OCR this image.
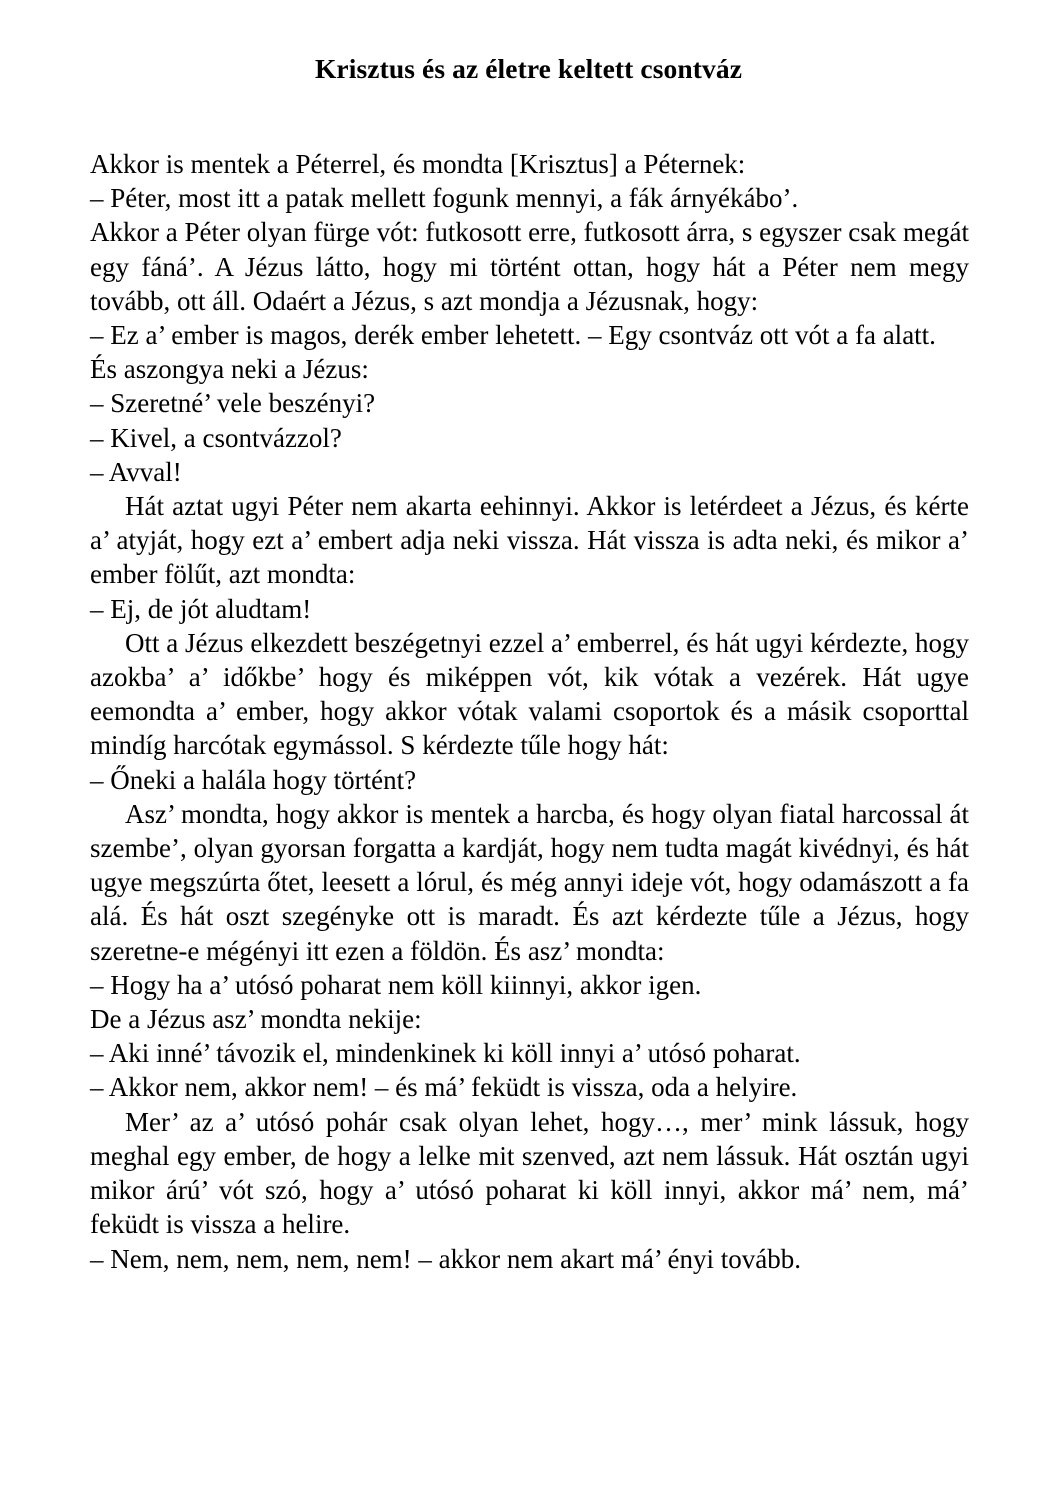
Krisztus és az életre keltett csontváz

Akkor is mentek a Péterrel, és mondta [Krisztus] a Péternek:

– Péter, most itt a patak mellett fogunk mennyi, a fák árnyékábo’.

Akkor a Péter olyan fürge vót: futkosott erre, futkosott árra, s egyszer csak megát egy fáná’. A Jézus látto, hogy mi történt ottan, hogy hát a Péter nem megy tovább, ott áll. Odaért a Jézus, s azt mondja a Jézusnak, hogy:

– Ez a’ ember is magos, derék ember lehetett. – Egy csontváz ott vót a fa alatt.

És aszongya neki a Jézus:

– Szeretné’ vele beszényi?

– Kivel, a csontvázzol?

– Avval!

Hát aztat ugyi Péter nem akarta eehinnyi. Akkor is letérdeet a Jézus, és kérte a’ atyját, hogy ezt a’ embert adja neki vissza. Hát vissza is adta neki, és mikor a’ ember fölűt, azt mondta:

– Ej, de jót aludtam!

Ott a Jézus elkezdett beszégetnyi ezzel a’ emberrel, és hát ugyi kérdezte, hogy azokba’ a’ időkbe’ hogy és miképpen vót, kik vótak a vezérek. Hát ugye eemondta a’ ember, hogy akkor vótak valami csoportok és a másik csoporttal mindíg harcótak egymássol. S kérdezte tűle hogy hát:

– Őneki a halála hogy történt?

Asz’ mondta, hogy akkor is mentek a harcba, és hogy olyan fiatal harcossal át szembe’, olyan gyorsan forgatta a kardját, hogy nem tudta magát kivédnyi, és hát ugye megszúrta őtet, leesett a lórul, és még annyi ideje vót, hogy odamászott a fa alá. És hát oszt szegényke ott is maradt. És azt kérdezte tűle a Jézus, hogy szeretne-e mégényi itt ezen a földön. És asz’ mondta:

– Hogy ha a’ utósó poharat nem köll kiinnyi, akkor igen.

De a Jézus asz’ mondta nekije:

– Aki inné’ távozik el, mindenkinek ki köll innyi a’ utósó poharat.

– Akkor nem, akkor nem! – és má’ feküdt is vissza, oda a helyire.

Mer’ az a’ utósó pohár csak olyan lehet, hogy…, mer’ mink lássuk, hogy meghal egy ember, de hogy a lelke mit szenved, azt nem lássuk. Hát osztán ugyi mikor árú’ vót szó, hogy a’ utósó poharat ki köll innyi, akkor má’ nem, má’ feküdt is vissza a helire.

– Nem, nem, nem, nem, nem! – akkor nem akart má’ ényi tovább.
